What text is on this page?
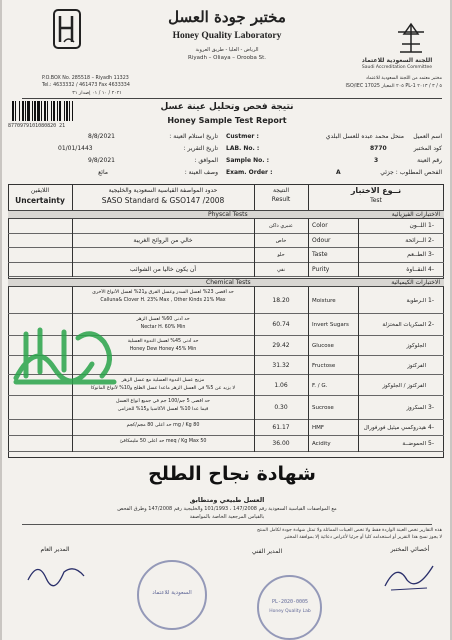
مختبر جودة العسل
Honey Quality Laboratory
الرياض - العليا - طريق العروبة
Riyadh – Oliaya – Orooba St.
P.O.BOX No. 285518 – Riyadh 11323
Tel.: 4633332 / 461473 Fax 4633334
٢٠٢١ / ١٠ / ٠١ إصدار ٣١
اللجنة السعودية للاعتماد
Saudi Accreditation Committee
مختبر معتمد من اللجنة السعودية للاعتماد
٥ / ٣ / ٢٠١٣ PL-1 ٢٠٥ المعيار ISO/IEC 17025
نتيجة فحص وتحليل عينة عسل
Honey Sample Test Report
8770979101080820 21
اسم العميل
منحل محمد عبده للعسل البلدي
Custmer :
تاريخ استلام العينة :
8/8/2021
كود المختبر
8770
LAB. No. :
تاريخ التقرير :
01/01/1443
رقم العينة
3
Sample No. :
الموافق :
9/8/2021
الفحص المطلوب : جزئي
A
Exam. Order :
وصف العينة :
مائع
اللايقين
Uncertainty
حدود المواصفة القياسية السعودية والخليجية
SASO Standard & GSO147 /2008
النتيجة
Result
نــوع الاختبار
Test
Physcal Tests	الاختبارات الفيزيائية
عنبري داكن	Color	اللــون 1-
خالي من الروائح الغريبة	خاص	Odour	الــرائحة 2-
حلو	Taste	الطــعم 3-
أن يكون خاليا من الشوائب	نقي	Purity	النقــاوة 4-
Chemical Tests	الاختبارات الكيميائية
حد أقصى 23% لعسل السدر وعسل الفرق و21% لعسل الأنواع الأخرى
Calluna& Clover H. 23% Max , Other Kinds 21% Max	18.20	Moisture	الـرطوبة 1-
حد أدنى 60% لعسل الزهر
Nectar H. 60% Min	60.74	Invert Sugars	السكريات المختزلة 2-
حد أدنى 45% لعسل الندوة العسلية
Honey Dew Honey 45% Min
29.42	Glucose	الجلوكوز
31.32	Fructose	الفركتوز
مزيج عسل الندوة العسلية مع عسل الزهر
لا يزيد عن 5% في العسل الزهر ماعدا عسل الطلح و10% لأنواع المانوكا	1.06	F. / G.	الفركتوز / الجلوكوز
حد أقصى 5 جم/100 جم في جميع أنواع العسل
فيما عدا 10% لعسل الأكاسيا و15% للخزامى	0.30	Sucrose	السكروز 3-
80 mg / Kg حد أعلى 80 مجم/كجم	61.17	HMF	هيدروكسي ميثيل فورفورال 4-
50 meq / Kg Max حد أعلى 50 مليمكافئ	36.00	Acidity	الحموضــة 5-
شهادة نجاح الطلح
العسل طبيعي ومتطابق
مع المواصفات القياسية السعودية رقم 147/2008 ، 101/1993 والخليجية رقم 147/2008 وطرق الفحص
بالقياس المرجعية الخاصة بالمواصفة
هذه التقارير تخص العينة الواردة فقط ولا تخص العينات المماثلة ولا تمثل شهادة جودة لكامل المنتج
لا يجوز نسخ هذا التقرير أو استخدامه كليا أو جزئيا لأغراض دعائية إلا بموافقة المختبر
المدير العام	المدير الفني	أخصائي المختبر
السعودية للاعتماد
PL-2020-0005
Honey Quality Lab
